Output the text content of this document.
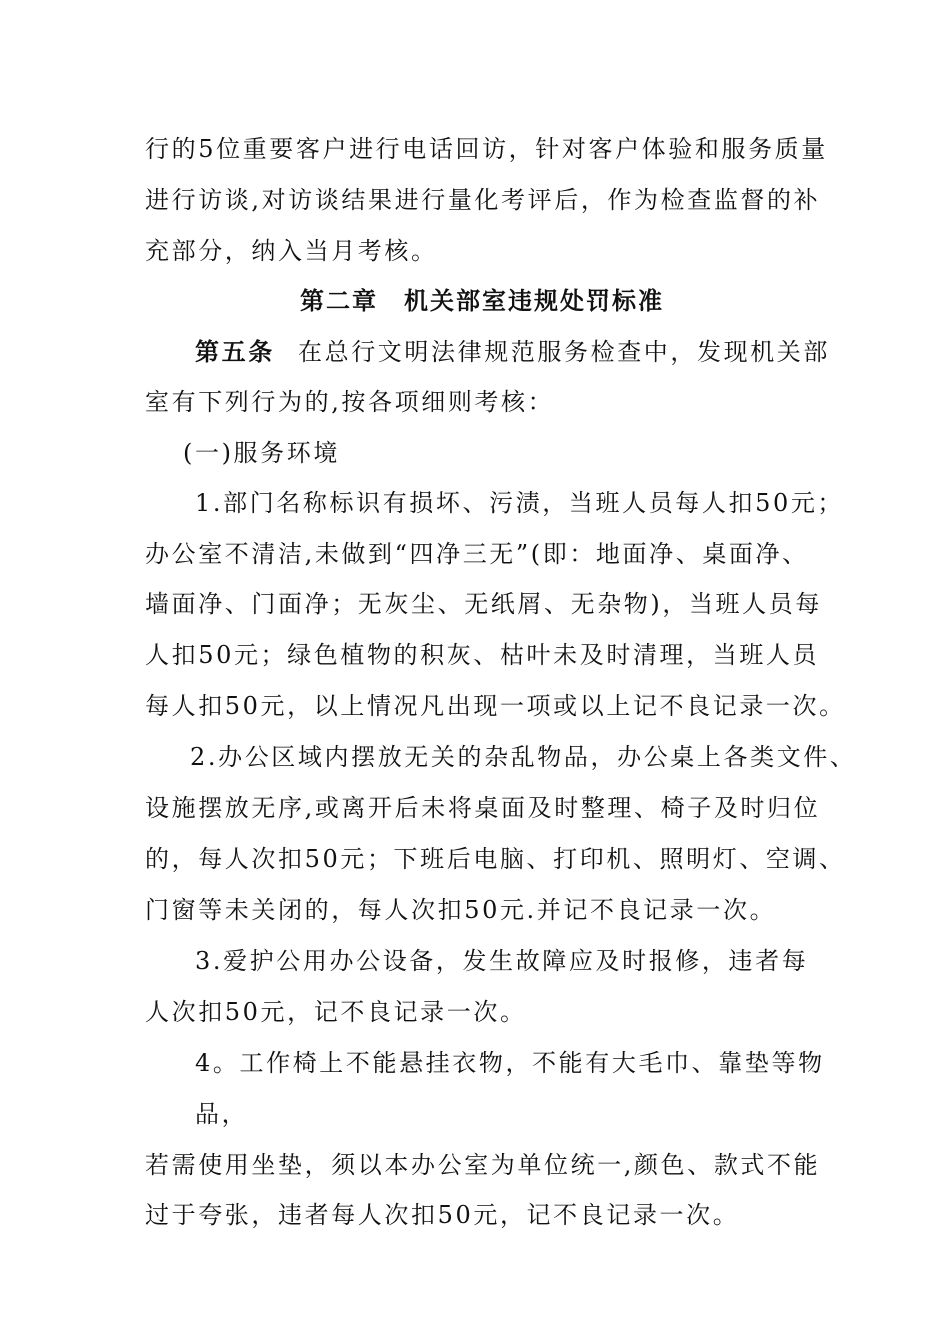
行的5位重要客户进行电话回访，针对客户体验和服务质量
进行访谈,对访谈结果进行量化考评后，作为检查监督的补
充部分，纳入当月考核。
第二章　机关部室违规处罚标准
第五条 在总行文明法律规范服务检查中，发现机关部
室有下列行为的,按各项细则考核：
(一)服务环境
1.部门名称标识有损坏、污渍，当班人员每人扣50元；
办公室不清洁,未做到“四净三无”(即：地面净、桌面净、
墙面净、门面净；无灰尘、无纸屑、无杂物)，当班人员每
人扣50元；绿色植物的积灰、枯叶未及时清理，当班人员
每人扣50元，以上情况凡出现一项或以上记不良记录一次。
2.办公区域内摆放无关的杂乱物品，办公桌上各类文件、
设施摆放无序,或离开后未将桌面及时整理、椅子及时归位
的，每人次扣50元；下班后电脑、打印机、照明灯、空调、
门窗等未关闭的，每人次扣50元.并记不良记录一次。
3.爱护公用办公设备，发生故障应及时报修，违者每
人次扣50元，记不良记录一次。
4。工作椅上不能悬挂衣物，不能有大毛巾、靠垫等物
品，
若需使用坐垫，须以本办公室为单位统一,颜色、款式不能
过于夸张，违者每人次扣50元，记不良记录一次。
